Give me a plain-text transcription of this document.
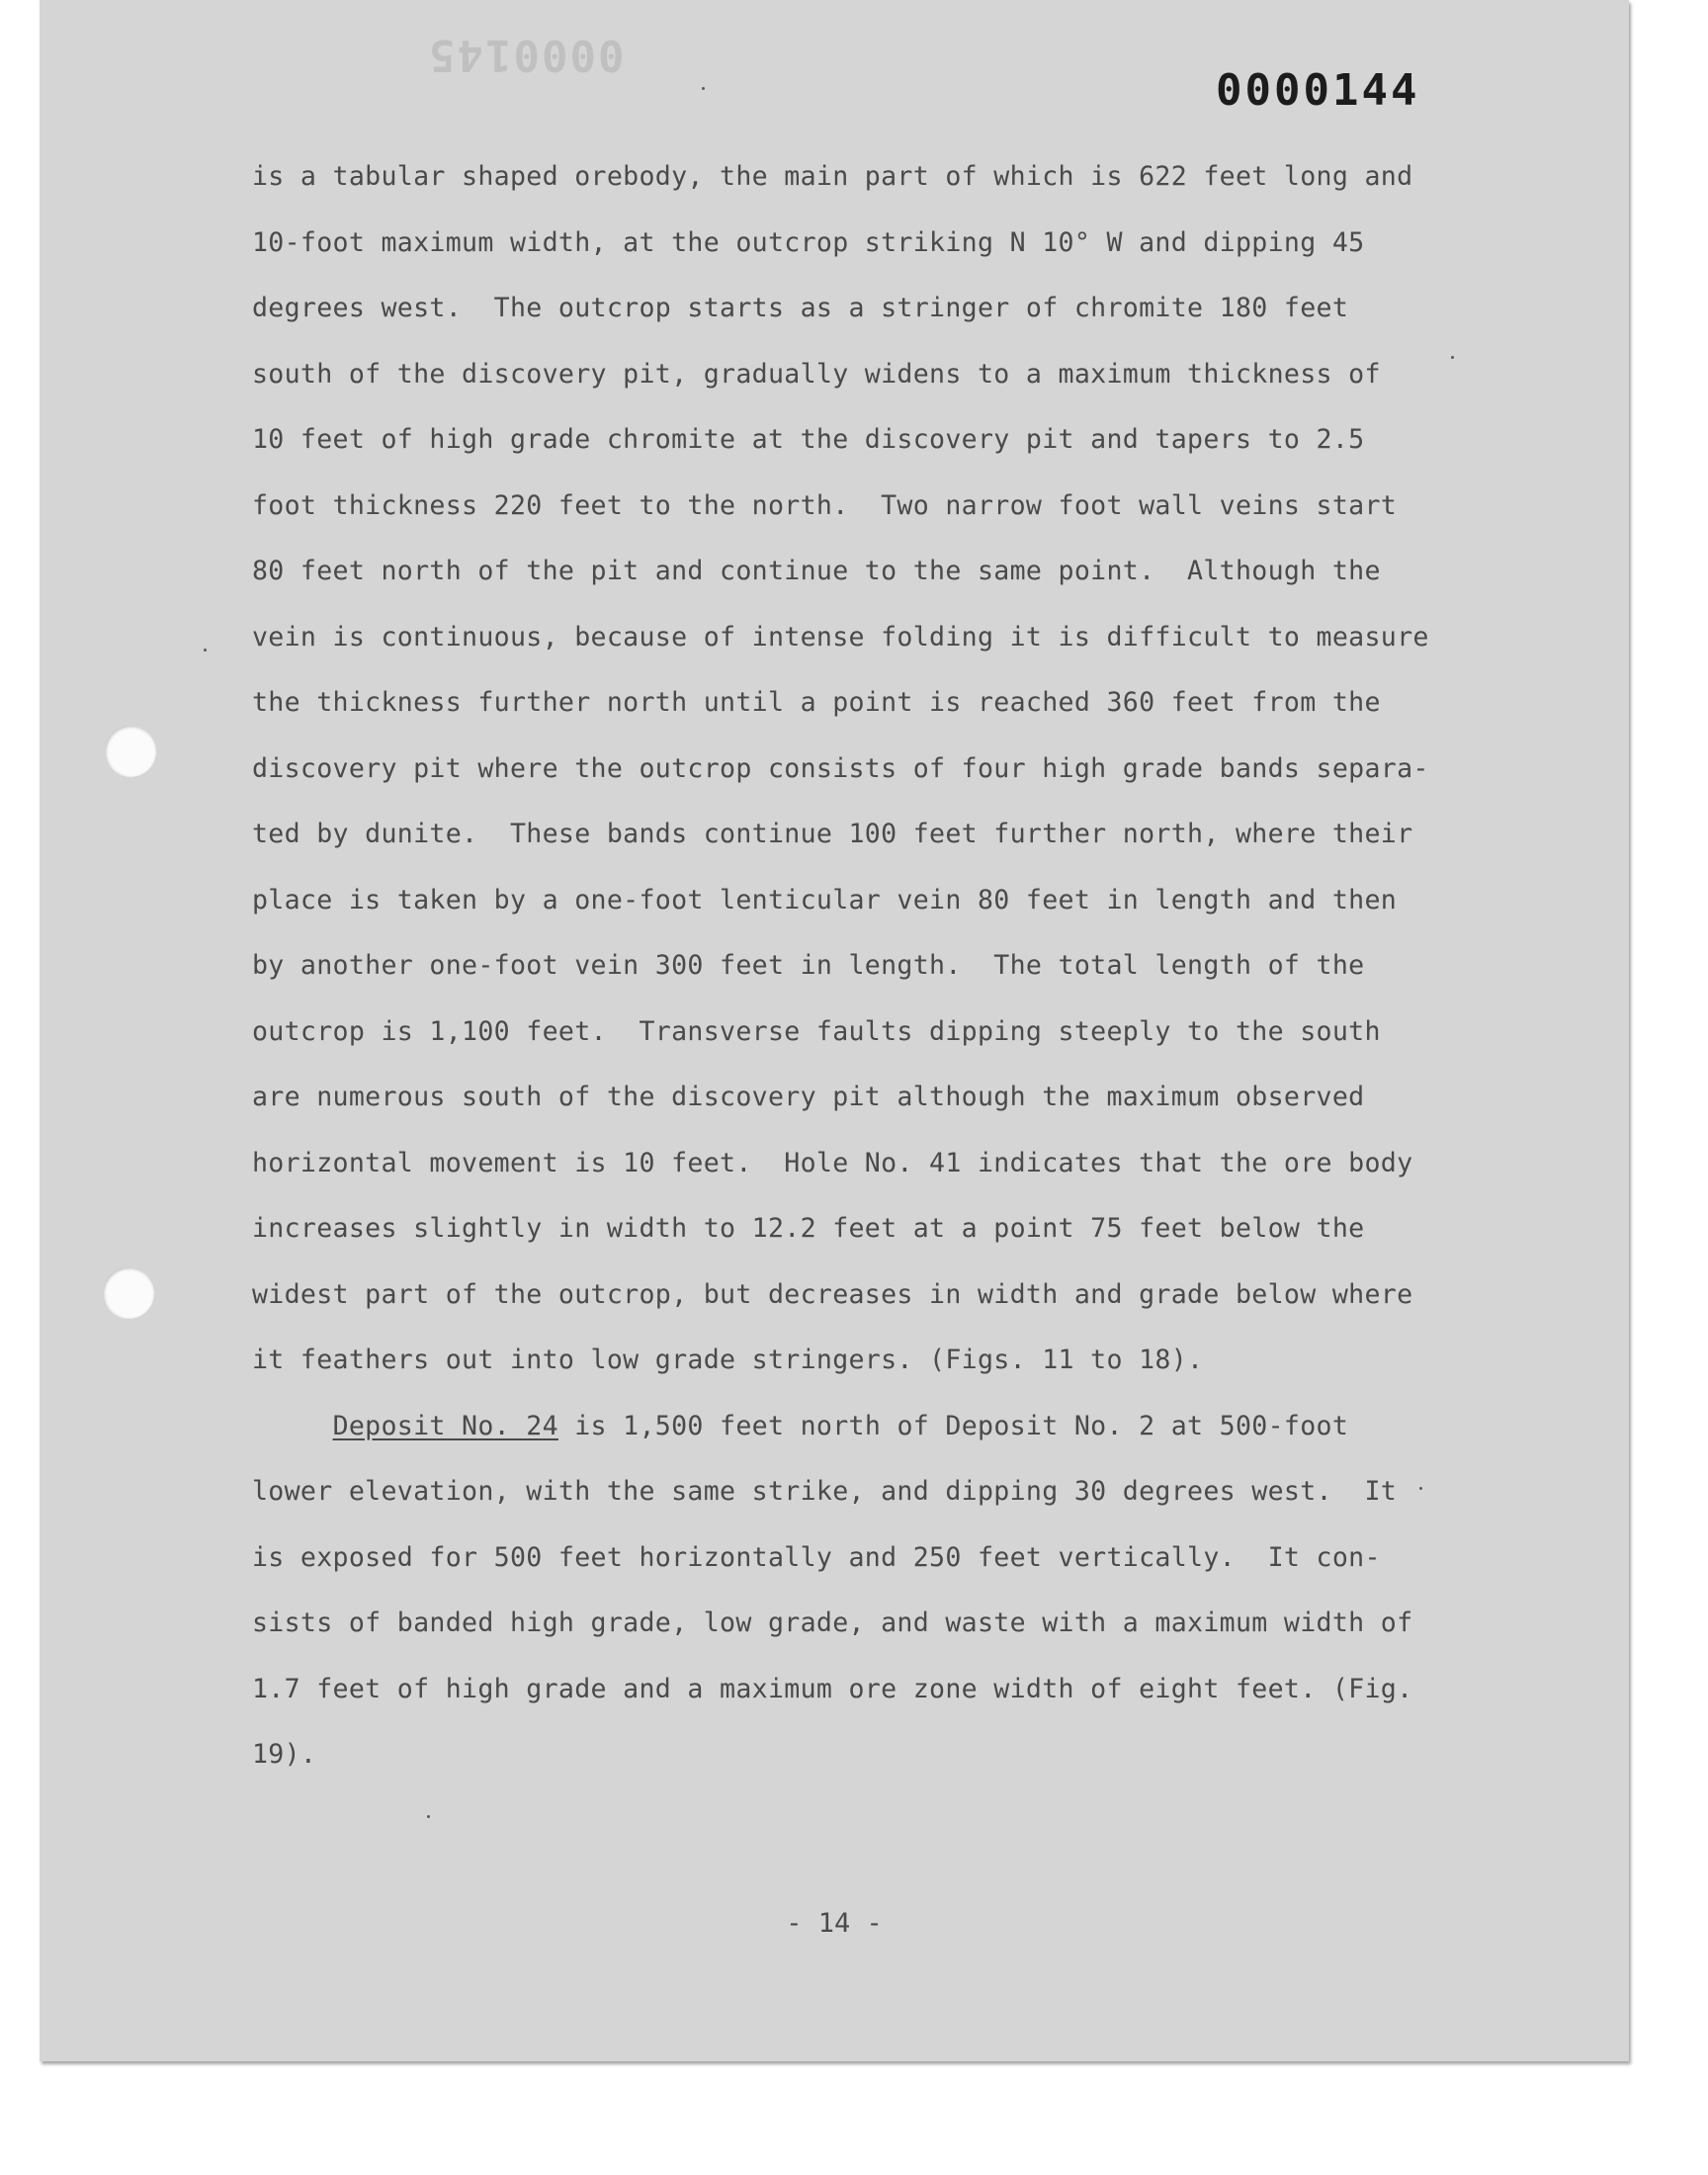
0000145
0000144
is a tabular shaped orebody, the main part of which is 622 feet long and
10-foot maximum width, at the outcrop striking N 10° W and dipping 45
degrees west.  The outcrop starts as a stringer of chromite 180 feet
south of the discovery pit, gradually widens to a maximum thickness of
10 feet of high grade chromite at the discovery pit and tapers to 2.5
foot thickness 220 feet to the north.  Two narrow foot wall veins start
80 feet north of the pit and continue to the same point.  Although the
vein is continuous, because of intense folding it is difficult to measure
the thickness further north until a point is reached 360 feet from the
discovery pit where the outcrop consists of four high grade bands separa-
ted by dunite.  These bands continue 100 feet further north, where their
place is taken by a one-foot lenticular vein 80 feet in length and then
by another one-foot vein 300 feet in length.  The total length of the
outcrop is 1,100 feet.  Transverse faults dipping steeply to the south
are numerous south of the discovery pit although the maximum observed
horizontal movement is 10 feet.  Hole No. 41 indicates that the ore body
increases slightly in width to 12.2 feet at a point 75 feet below the
widest part of the outcrop, but decreases in width and grade below where
it feathers out into low grade stringers. (Figs. 11 to 18).
Deposit No. 24 is 1,500 feet north of Deposit No. 2 at 500-foot
lower elevation, with the same strike, and dipping 30 degrees west.  It
is exposed for 500 feet horizontally and 250 feet vertically.  It con-
sists of banded high grade, low grade, and waste with a maximum width of
1.7 feet of high grade and a maximum ore zone width of eight feet. (Fig.
19).
- 14 -
